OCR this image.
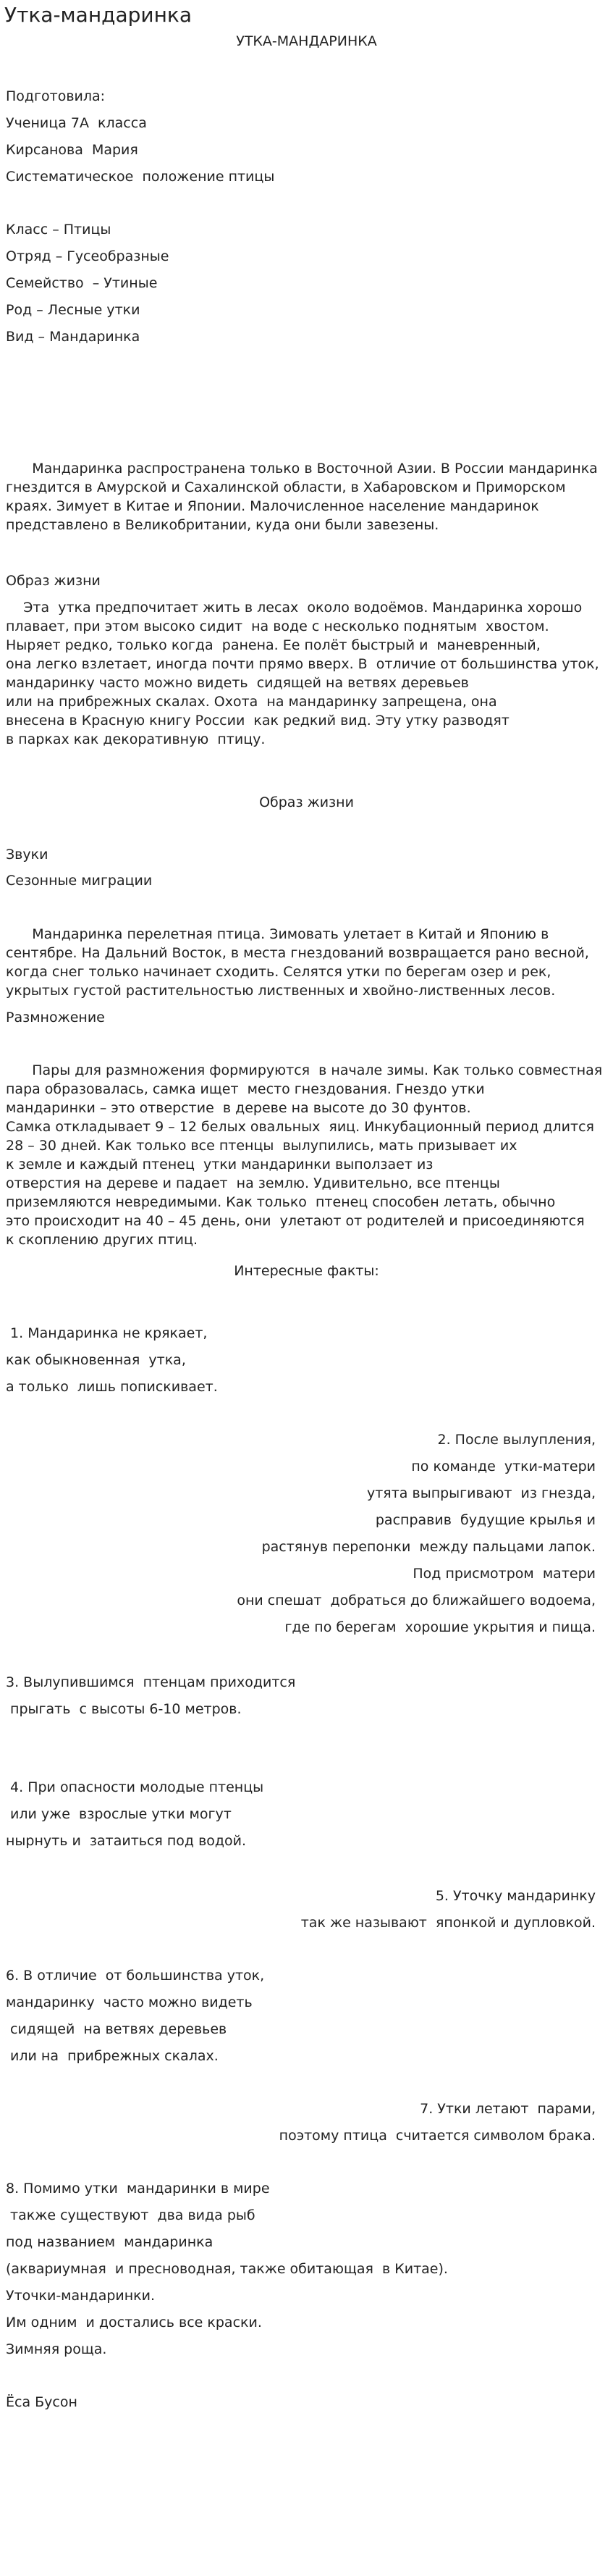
Утка-мандаринка
УТКА-МАНДАРИНКА
Подготовила:
Ученица 7А  класса
Кирсанова  Мария
Систематическое  положение птицы
Класс – Птицы
Отряд – Гусеобразные
Семейство  – Утиные
Род – Лесные утки
Вид – Мандаринка
Мандаринка распространена только в Восточной Азии. В России мандаринка
гнездится в Амурской и Сахалинской области, в Хабаровском и Приморском
краях. Зимует в Китае и Японии. Малочисленное население мандаринок
представлено в Великобритании, куда они были завезены.
Образ жизни
Эта  утка предпочитает жить в лесах  около водоёмов. Мандаринка хорошо
плавает, при этом высоко сидит  на воде с несколько поднятым  хвостом.
Ныряет редко, только когда  ранена. Ее полёт быстрый и  маневренный,
она легко взлетает, иногда почти прямо вверх. В  отличие от большинства уток,
мандаринку часто можно видеть  сидящей на ветвях деревьев
или на прибрежных скалах. Охота  на мандаринку запрещена, она
внесена в Красную книгу России  как редкий вид. Эту утку разводят
в парках как декоративную  птицу.
Образ жизни
Звуки
Сезонные миграции
Мандаринка перелетная птица. Зимовать улетает в Китай и Японию в
сентябре. На Дальний Восток, в места гнездований возвращается рано весной,
когда снег только начинает сходить. Селятся утки по берегам озер и рек,
укрытых густой растительностью лиственных и хвойно-лиственных лесов.
Размножение
Пары для размножения формируются  в начале зимы. Как только совместная
пара образовалась, самка ищет  место гнездования. Гнездо утки
мандаринки – это отверстие  в дереве на высоте до 30 фунтов.
Самка откладывает 9 – 12 белых овальных  яиц. Инкубационный период длится
28 – 30 дней. Как только все птенцы  вылупились, мать призывает их
к земле и каждый птенец  утки мандаринки выползает из
отверстия на дереве и падает  на землю. Удивительно, все птенцы
приземляются невредимыми. Как только  птенец способен летать, обычно
это происходит на 40 – 45 день, они  улетают от родителей и присоединяются
к скоплению других птиц.
Интересные факты:
1. Мандаринка не крякает,
как обыкновенная  утка,
а только  лишь попискивает.
2. После вылупления,
по команде  утки-матери
утята выпрыгивают  из гнезда,
расправив  будущие крылья и
растянув перепонки  между пальцами лапок.
Под присмотром  матери
они спешат  добраться до ближайшего водоема,
где по берегам  хорошие укрытия и пища.
3. Вылупившимся  птенцам приходится
прыгать  с высоты 6-10 метров.
4. При опасности молодые птенцы
или уже  взрослые утки могут
нырнуть и  затаиться под водой.
5. Уточку мандаринку
так же называют  японкой и дупловкой.
6. В отличие  от большинства уток,
мандаринку  часто можно видеть
сидящей  на ветвях деревьев
или на  прибрежных скалах.
7. Утки летают  парами,
поэтому птица  считается символом брака.
8. Помимо утки  мандаринки в мире
также существуют  два вида рыб
под названием  мандаринка
(аквариумная  и пресноводная, также обитающая  в Китае).
Уточки-мандаринки.
Им одним  и достались все краски.
Зимняя роща.
Ёса Бусон
